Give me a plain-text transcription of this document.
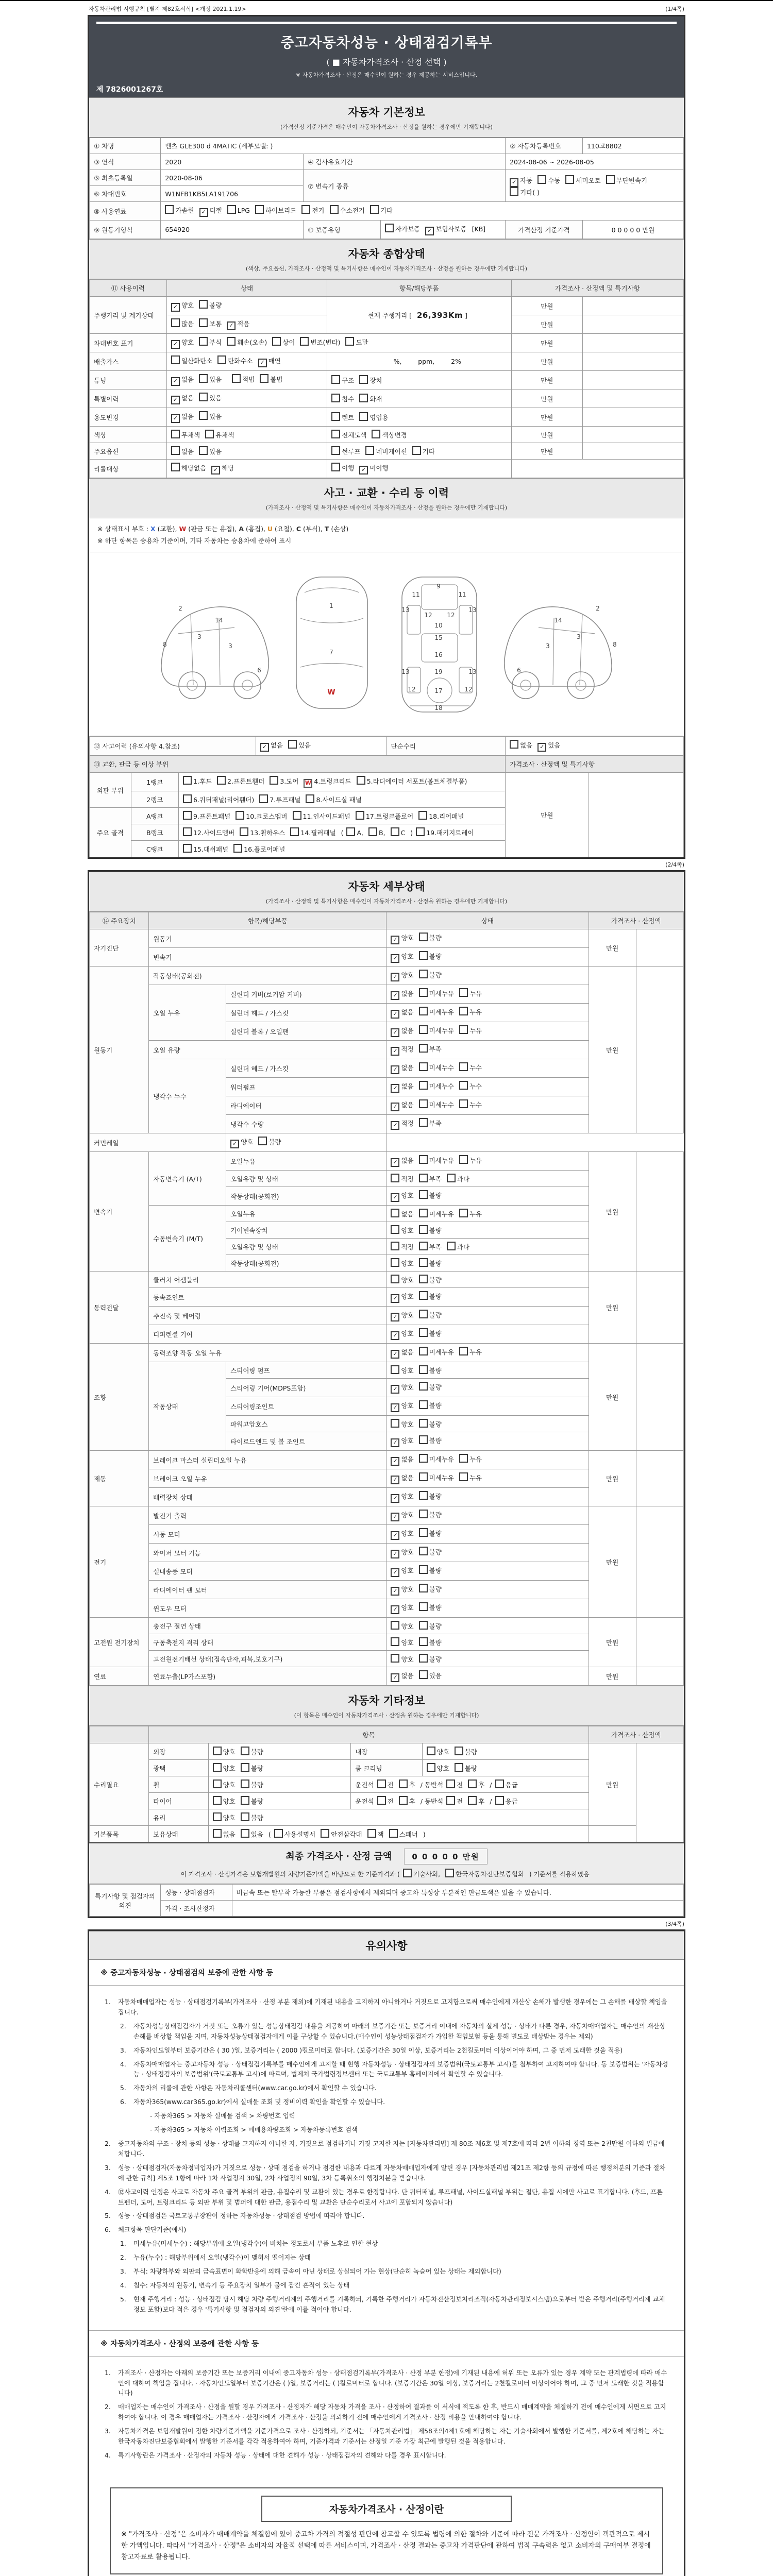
자동차관리법 시행규칙 [별지 제82호서식] <개정 2021.1.19>	(1/4쪽)
중고자동차성능 · 상태점검기록부
( ■ 자동차가격조사 · 산정 선택 )
※ 자동차가격조사 · 산정은 매수인이 원하는 경우 제공하는 서비스입니다.
제 7826001267호
자동차 기본정보
(가격산정 기준가격은 매수인이 자동차가격조사 · 산정을 원하는 경우에만 기재합니다)
① 차명	벤츠 GLE300 d 4MATIC (세부모델: )			② 자동차등록번호	110고8802
③ 연식	2020	④ 검사유효기간		2024-08-06 ~ 2026-08-05	
⑤ 최초등록일	2020-08-06	⑦ 변속기 종류		✓ 자동 수동 세미오토 무단변속기기타( )	
⑥ 차대번호	W1NFB1KB5LA191706				
⑧ 사용연료	가솔린 ✓ 디젤 LPG 하이브리드 전기 수소전기 기타				
⑨ 원동기형식	654920	⑩ 보증유형	자가보증 ✓ 보험사보증 [KB]	가격산정 기준가격	0 0 0 0 0 만원
자동차 종합상태
(색상, 주요옵션, 가격조사 · 산정액 및 특기사항은 매수인이 자동차가격조사 · 산정을 원하는 경우에만 기재합니다)
⑪ 사용이력	상태	항목/해당부품	가격조사 · 산정액 및 특기사항	
주행거리 및 계기상태	✓ 양호 불량	현재 주행거리 [ 26,393Km ]	만원	
	많음 보통 ✓ 적음		만원	
차대번호 표기	✓ 양호 부식 훼손(오손) 상이 변조(변타) 도말		만원	
배출가스	일산화탄소 탄화수소 ✓ 매연	%,        ppm,        2%	만원	
튜닝	✓ 없음 있음 적법 불법	구조 장치	만원	
특별이력	✓ 없음 있음	침수 화재	만원	
용도변경	✓ 없음 있음	렌트 영업용	만원	
색상	무채색 유채색	전체도색 색상변경	만원	
주요옵션	없음 있음	썬루프 네비게이션 기타	만원	
리콜대상	해당없음 ✓ 해당	이행 ✓ 미이행		
사고 · 교환 · 수리 등 이력
(가격조사 · 산정액 및 특기사항은 매수인이 자동차가격조사 · 산정을 원하는 경우에만 기재합니다)
※ 상태표시 부호 : X (교환), W (판금 또는 용접), A (흠집), U (요철), C (부식), T (손상)
※ 하단 항목은 승용차 기준이며, 기타 자동차는 승용차에 준하여 표시
2
8
3
14
3
6
1
7
W
9
11	11
13
12 12
13
10
15
16
13	19	13
12	17	12
18
2
8
3
14
3
6
⑫ 사고이력 (유의사항 4.참조)	✓ 없음 있음	단순수리	없음 ✓ 있음
⑬ 교환, 판금 등 이상 부위			가격조사 · 산정액 및 특기사항	
외판 부위	1랭크	1.후드 2.프론트휀더 3.도어 W 4.트렁크리드 5.라디에이터 서포트(볼트체결부품)	만원	
	2랭크	6.쿼터패널(리어휀더) 7.루프패널 8.사이드실 패널		
주요 골격	A랭크	9.프론트패널 10.크로스멤버 11.인사이드패널 17.트렁크플로어 18.리어패널		
	B랭크	12.사이드멤버 13.휠하우스 14.필러패널 ( A, B, C ) 19.패키지트레이		
	C랭크	15.대쉬패널 16.플로어패널		
(2/4쪽)
자동차 세부상태
(가격조사 · 산정액 및 특기사항은 매수인이 자동차가격조사 · 산정을 원하는 경우에만 기재합니다)
⑭ 주요장치	항목/해당부품		상태	가격조사 · 산정액	
자기진단	원동기		✓ 양호 불량	만원	
	변속기		✓ 양호 불량		
원동기	작동상태(공회전)		✓ 양호 불량	만원	
	오일 누유	실린더 커버(로커암 커버)	✓ 없음 미세누유 누유		
		실린더 헤드 / 가스킷	✓ 없음 미세누유 누유		
		실린더 블록 / 오일팬	✓ 없음 미세누유 누유		
	오일 유량		✓ 적정 부족		
	냉각수 누수	실린더 헤드 / 가스킷	✓ 없음 미세누수 누수		
		워터펌프	✓ 없음 미세누수 누수		
		라디에이터	✓ 없음 미세누수 누수		
		냉각수 수량	✓ 적정 부족		
커먼레일		✓ 양호 불량			
변속기	자동변속기 (A/T)	오일누유	✓ 없음 미세누유 누유	만원	
		오일유량 및 상태	적정 부족 과다		
		작동상태(공회전)	✓ 양호 불량		
	수동변속기 (M/T)	오일누유	없음 미세누유 누유		
		기어변속장치	양호 불량		
		오일유량 및 상태	적정 부족 과다		
		작동상태(공회전)	양호 불량		
동력전달	클러치 어셈블리		양호 불량	만원	
	등속죠인트		✓ 양호 불량		
	추진축 및 베어링		✓ 양호 불량		
	디퍼렌셜 기어		✓ 양호 불량		
조향	동력조향 작동 오일 누유		✓ 없음 미세누유 누유	만원	
	작동상태	스티어링 펌프	양호 불량		
		스티어링 기어(MDPS포함)	✓ 양호 불량		
		스티어링조인트	✓ 양호 불량		
		파워고압호스	양호 불량		
		타이로드엔드 및 볼 조인트	✓ 양호 불량		
제동	브레이크 마스터 실린더오일 누유		✓ 없음 미세누유 누유	만원	
	브레이크 오일 누유		✓ 없음 미세누유 누유		
	배력장치 상태		✓ 양호 불량		
전기	발전기 출력		✓ 양호 불량	만원	
	시동 모터		✓ 양호 불량		
	와이퍼 모터 기능		✓ 양호 불량		
	실내송풍 모터		✓ 양호 불량		
	라디에이터 팬 모터		✓ 양호 불량		
	윈도우 모터		✓ 양호 불량		
고전원 전기장치	충전구 절연 상태		양호 불량	만원	
	구동축전지 격리 상태		양호 불량		
	고전원전기배선 상태(접속단자,피복,보호기구)		양호 불량		
연료	연료누출(LP가스포함)		✓ 없음 있음	만원	
자동차 기타정보
(이 항목은 매수인이 자동차가격조사 · 산정을 원하는 경우에만 기재합니다)
	항목				가격조사 · 산정액	
수리필요	외장	양호 불량	내장	양호 불량	만원	
	광택	양호 불량	룸 크리닝	양호 불량		
	휠	양호 불량	운전석 전 후 / 동반석 전 후 / 응급			
	타이어	양호 불량	운전석 전 후 / 동반석 전 후 / 응급			
	유리	양호 불량				
기본품목	보유상태	없음 있음 ( 사용설명서 안전삼각대 잭 스패너 )				
최종 가격조사 · 산정 금액	0 0 0 0 0 만원
이 가격조사 · 산정가격은 보험개발원의 차량기준가액을 바탕으로 한 기준가격과 ( 기술사회, 한국자동차진단보증협회 ) 기준서를 적용하였음
특기사항 및 점검자의 의견	성능 · 상태점검자	비금속 또는 탈부착 가능한 부품은 점검사항에서 제외되며 중고차 특성상 부분적인 판금도색은 있을 수 있습니다.
	가격 · 조사산정자	
(3/4쪽)
유의사항
※ 중고자동차성능 · 상태점검의 보증에 관한 사항 등
1.	자동차매매업자는 성능 · 상태점검기록부(가격조사 · 산정 부분 제외)에 기재된 내용을 고지하지 아니하거나 거짓으로 고지함으로써 매수인에게 재산상 손해가 발생한 경우에는 그 손해를 배상할 책임을 집니다.
2.	자동차성능상태점검자가 거짓 또는 오류가 있는 성능상태점검 내용을 제공하여 아래의 보증기간 또는 보증거리 이내에 자동차의 실제 성능 · 상태가 다른 경우, 자동차매매업자는 매수인의 재산상 손해를 배상할 책임을 지며, 자동차성능상태점검자에게 이를 구상할 수 있습니다.(매수인이 성능상태점검자가 가입한 책임보험 등을 통해 별도로 배상받는 경우는 제외)
3.	자동차인도일부터 보증기간은 ( 30 )일, 보증거리는 ( 2000 )킬로미터로 합니다. (보증기간은 30일 이상, 보증거리는 2천킬로미터 이상이어야 하며, 그 중 먼저 도래한 것을 적용)
4.	자동차매매업자는 중고자동차 성능 · 상태점검기록부를 매수인에게 고지할 때 현행 자동차성능 · 상태점검자의 보증범위(국토교통부 고시)를 첨부하여 고지하여야 합니다. 동 보증범위는 '자동차성능 · 상태점검자의 보증범위'(국토교통부 고시)에 따르며, 법제처 국가법령정보센터 또는 국토교통부 홈페이지에서 확인할 수 있습니다.
5.	자동차의 리콜에 관한 사항은 자동차리콜센터(www.car.go.kr)에서 확인할 수 있습니다.
6.	자동차365(www.car365.go.kr)에서 실매물 조회 및 정비이력 확인을 확인할 수 있습니다.
- 자동차365 > 자동차 실매물 검색 > 차량번호 입력
- 자동차365 > 자동차 이력조회 > 매매용차량조회 > 자동차등록번호 검색
2.	중고자동차의 구조 · 장치 등의 성능 · 상태를 고지하지 아니한 자, 거짓으로 점검하거나 거짓 고지한 자는 [자동차관리법] 제 80조 제6호 및 제7호에 따라 2년 이하의 징역 또는 2천만원 이하의 벌금에 처합니다.
3.	성능 · 상태점검자(자동차정비업자)가 거짓으로 성능 · 상태 점검을 하거나 점검한 내용과 다르게 자동차매매업자에게 알린 경우 [자동차관리법 제21조 제2항 등의 규정에 따른 행정처분의 기준과 절차에 관한 규칙] 제5조 1항에 따라 1차 사업정지 30일, 2차 사업정지 90일, 3차 등록취소의 행정처분을 받습니다.
4.	⑫사고이력 인정은 사고로 자동차 주요 골격 부위의 판금, 용접수리 및 교환이 있는 경우로 한정합니다. 단 쿼터패널, 루프패널, 사이드실패널 부위는 절단, 용접 시에만 사고로 표기합니다. (후드, 프론트펜더, 도어, 트렁크리드 등 외판 부위 및 범퍼에 대한 판금, 용접수리 및 교환은 단순수리로서 사고에 포함되지 않습니다)
5.	성능 · 상태점검은 국토교통부장관이 정하는 자동차성능 · 상태점검 방법에 따라야 합니다.
6.	체크항목 판단기준(예시)
1.	미세누유(미세누수) : 해당부위에 오일(냉각수)이 비치는 정도로서 부품 노후로 인한 현상
2.	누유(누수) : 해당부위에서 오일(냉각수)이 맺혀서 떨어지는 상태
3.	부식: 차량하부와 외판의 금속표면이 화학반응에 의해 금속이 아닌 상태로 상실되어 가는 현상(단순히 녹슬어 있는 상태는 제외합니다)
4.	침수: 자동차의 원동기, 변속기 등 주요장치 일부가 물에 잠긴 흔적이 있는 상태
5.	현재 주행거리 : 성능 · 상태점검 당시 해당 차량 주행거리계의 주행거리를 기록하되, 기록한 주행거리가 자동차전산정보처리조직(자동차관리정보시스템)으로부터 받은 주행거리(주행거리계 교체 정보 포함)보다 적은 경우 '특기사항 및 점검자의 의견'란에 이를 적어야 합니다.
※ 자동차가격조사 · 산정의 보증에 관한 사항 등
1.	가격조사 · 산정자는 아래의 보증기간 또는 보증거리 이내에 중고자동차 성능 · 상태점검기록부(가격조사 · 산정 부분 한정)에 기재된 내용에 허위 또는 오류가 있는 경우 계약 또는 관계법령에 따라 매수인에 대하여 책임을 집니다. · 자동차인도일부터 보증기간은 ( )일, 보증거리는 ( )킬로미터로 합니다. (보증기간은 30일 이상, 보증거리는 2천킬로미터 이상이어야 하며, 그 중 먼저 도래한 것을 적용합니다)
2.	매매업자는 매수인이 가격조사 · 산정을 원할 경우 가격조사 · 산정자가 해당 자동차 가격을 조사 · 산정하여 결과를 이 서식에 적도록 한 후, 반드시 매매계약을 체결하기 전에 매수인에게 서면으로 고지하여야 합니다. 이 경우 매매업자는 가격조사 · 산정자에게 가격조사 · 산정을 의뢰하기 전에 매수인에게 가격조사 · 산정 비용을 안내하여야 합니다.
3.	자동차가격은 보험개발원이 정한 차량기준가액을 기준가격으로 조사 · 산정하되, 기준서는 「자동차관리법」 제58조의4제1호에 해당하는 자는 기술사회에서 발행한 기준서를, 제2호에 해당하는 자는 한국자동차진단보증협회에서 발행한 기준서를 각각 적용하여야 하며, 기준가격과 기준서는 산정일 기준 가장 최근에 발행된 것을 적용합니다.
4.	특기사항란은 가격조사 · 산정자의 자동차 성능 · 상태에 대한 견해가 성능 · 상태점검자의 견해와 다를 경우 표시합니다.
자동차가격조사 · 산정이란
※ "가격조사 · 산정"은 소비자가 매매계약을 체결함에 있어 중고차 가격의 적절성 판단에 참고할 수 있도록 법령에 의한 절차와 기준에 따라 전문 가격조사 · 산정인이 객관적으로 제시한 가액입니다. 따라서 "가격조사 · 산정"은 소비자의 자율적 선택에 따른 서비스이며, 가격조사 · 산정 결과는 중고차 가격판단에 관하여 법적 구속력은 없고 소비자의 구매여부 결정에 참고자료로 활용됩니다.
